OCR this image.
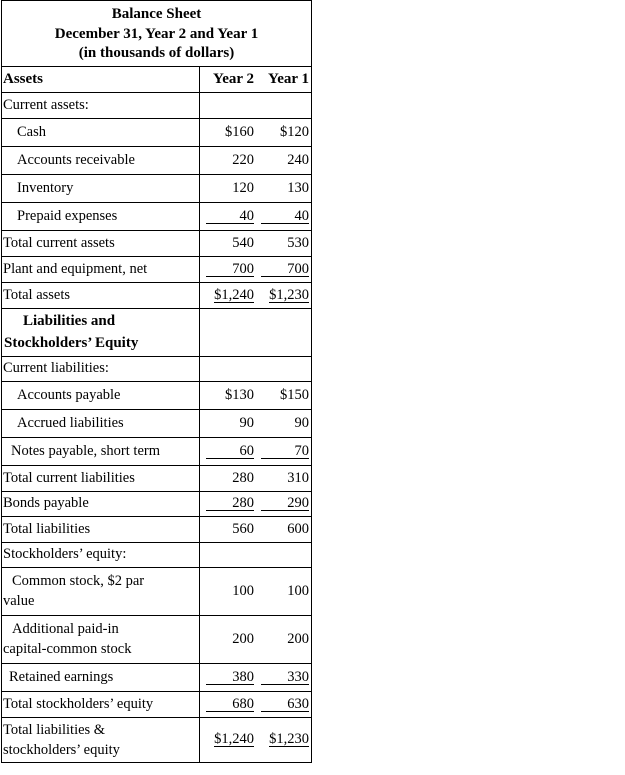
Balance Sheet
December 31, Year 2 and Year 1
(in thousands of dollars)
Assets	Year 2	Year 1
Current assets:		
Cash	$160	$120
Accounts receivable	220	240
Inventory	120	130
Prepaid expenses	40	40
Total current assets	540	530
Plant and equipment, net	700	700
Total assets	$1,240	$1,230

Liabilities and
Stockholders’ Equity		

Current liabilities:		
Accounts payable	$130	$150
Accrued liabilities	90	90
Notes payable, short term	60	70
Total current liabilities	280	310
Bonds payable	280	290
Total liabilities	560	600
Stockholders’ equity:		

Common stock, $2 par
value	100	100

Additional paid-in
capital-common stock	200	200
Retained earnings	380	330
Total stockholders’ equity	680	630

Total liabilities &
stockholders’ equity	$1,240	$1,230
